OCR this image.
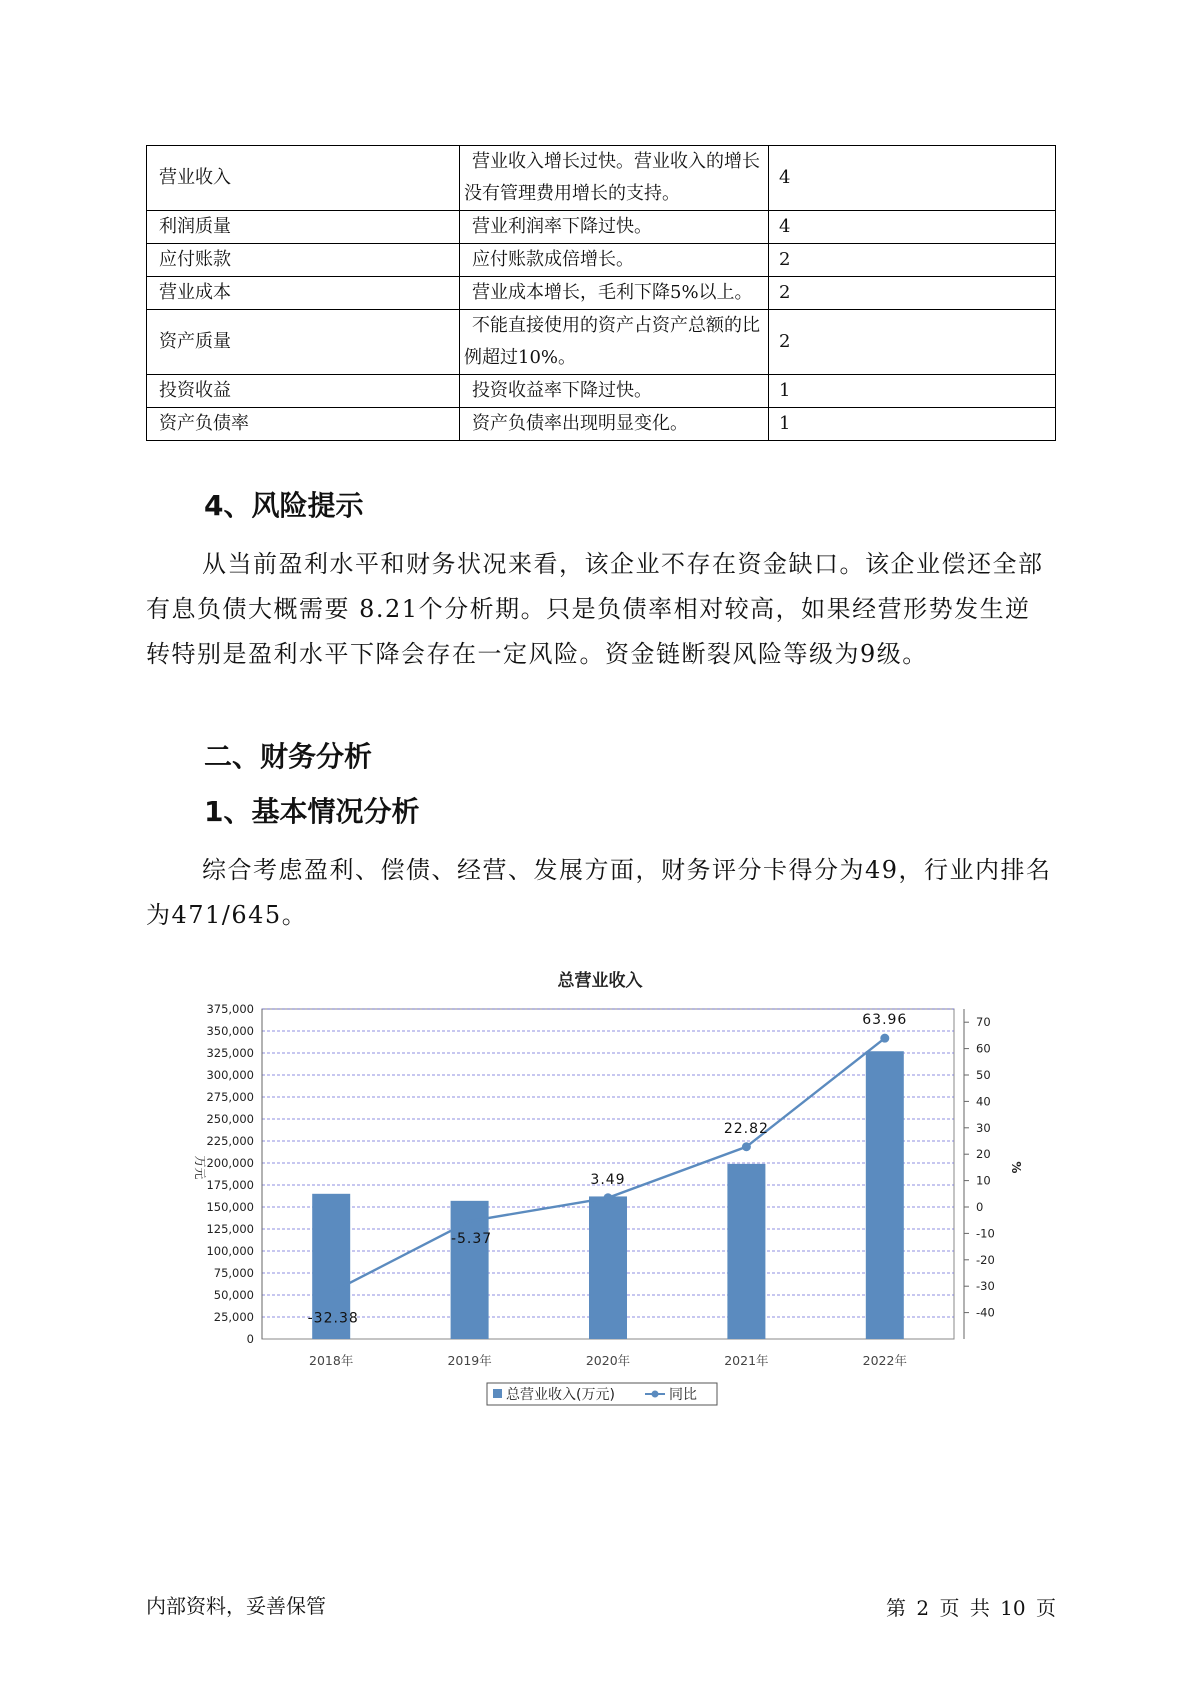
营业收入	营业收入增长过快。营业收入的增长没有管理费用增长的支持。	4
利润质量	营业利润率下降过快。	4
应付账款	应付账款成倍增长。	2
营业成本	营业成本增长，毛利下降5%以上。	2
资产质量	不能直接使用的资产占资产总额的比例超过10%。	2
投资收益	投资收益率下降过快。	1
资产负债率	资产负债率出现明显变化。	1
4、风险提示

从当前盈利水平和财务状况来看，该企业不存在资金缺口。该企业偿还全部有息负债大概需要 8.21个分析期。只是负债率相对较高，如果经营形势发生逆转特别是盈利水平下降会存在一定风险。资金链断裂风险等级为9级。

二、财务分析
1、基本情况分析

综合考虑盈利、偿债、经营、发展方面，财务评分卡得分为49，行业内排名为471/645。

总营业收入
0
25,000
50,000
75,000
100,000
125,000
150,000
175,000
200,000
225,000
250,000
275,000
300,000
325,000
350,000
375,000
-40
-30
-20
-10
0
10
20
30
40
50
60
70
万元	%
2018年	2019年	2020年	2021年	2022年
-32.38
-5.37
3.49
22.82
63.96
总营业收入(万元)	同比
内部资料，妥善保管	第 2 页 共 10 页
